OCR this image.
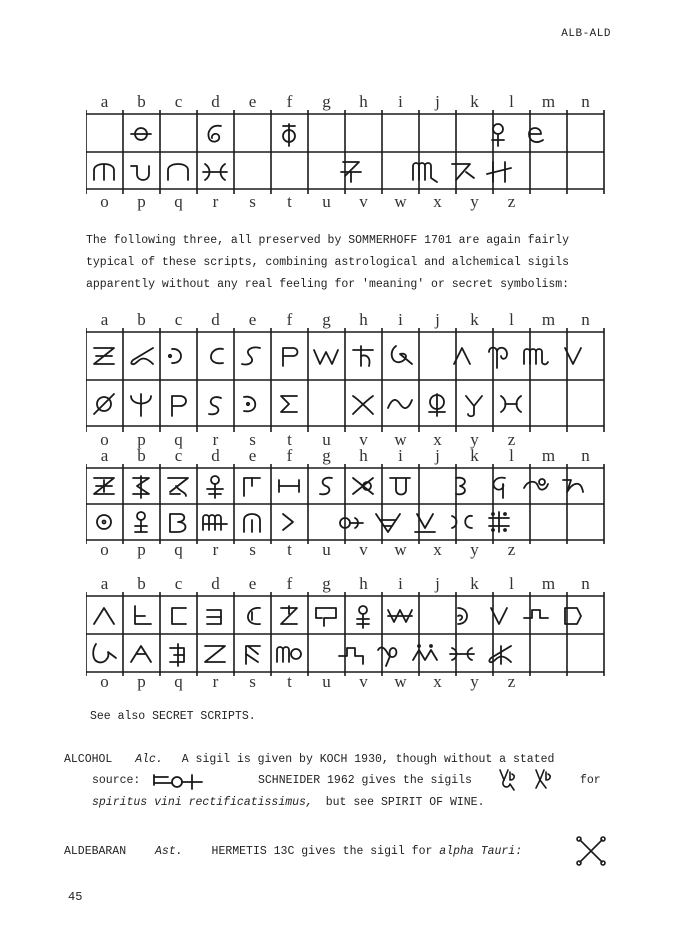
ALB-ALD
a	b	c	d	e	f	g	h	i	j	k	l	m	n
o	p	q	r	s	t	u	v	w	x	y	z
The following three, all preserved by SOMMERHOFF 1701 are again fairly
typical of these scripts, combining astrological and alchemical sigils
apparently without any real feeling for 'meaning' or secret symbolism:
a	b	c	d	e	f	g	h	i	j	k	l	m	n
o	p	q	r	s	t	u	v	w	x	y	z
a	b	c	d	e	f	g	h	i	j	k	l	m	n
o	p	q	r	s	t	u	v	w	x	y	z
a	b	c	d	e	f	g	h	i	j	k	l	m	n
o	p	q	r	s	t	u	v	w	x	y	z
See also SECRET SCRIPTS.
ALCOHOL Alc. A sigil is given by KOCH 1930, though without a stated
source:	SCHNEIDER 1962 gives the sigils	for
spiritus vini rectificatissimus, but see SPIRIT OF WINE.
ALDEBARAN	Ast.	HERMETIS 13C gives the sigil for alpha Tauri:
45
